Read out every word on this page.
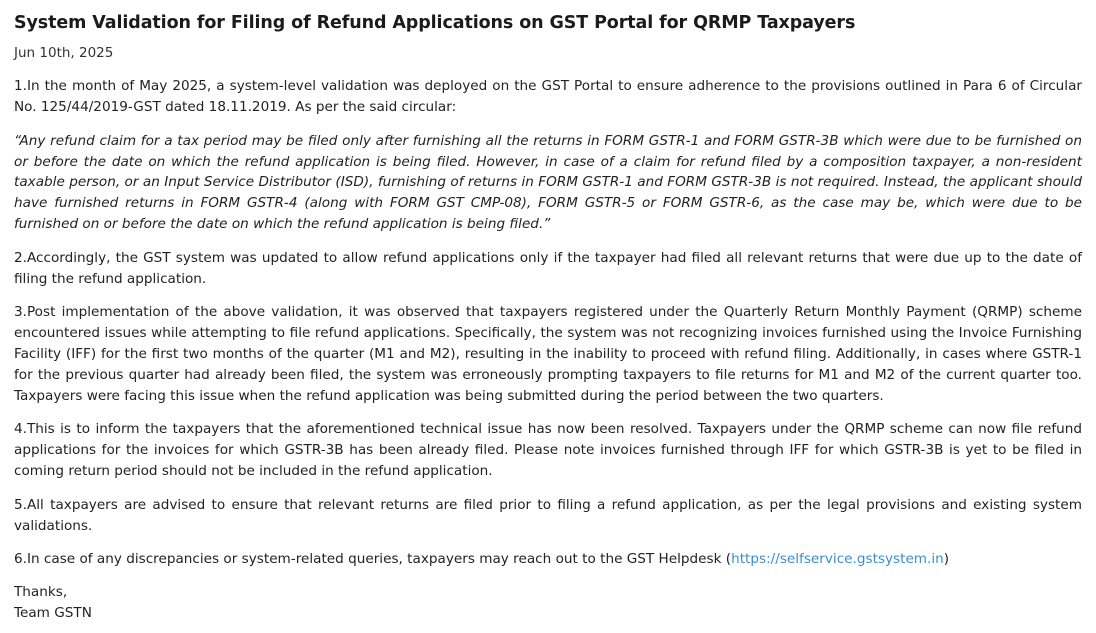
System Validation for Filing of Refund Applications on GST Portal for QRMP Taxpayers
Jun 10th, 2025

1.In the month of May 2025, a system-level validation was deployed on the GST Portal to ensure adherence to the provisions outlined in Para 6 of Circular No. 125/44/2019-GST dated 18.11.2019. As per the said circular:

“Any refund claim for a tax period may be filed only after furnishing all the returns in FORM GSTR-1 and FORM GSTR-3B which were due to be furnished on or before the date on which the refund application is being filed. However, in case of a claim for refund filed by a composition taxpayer, a non-resident taxable person, or an Input Service Distributor (ISD), furnishing of returns in FORM GSTR-1 and FORM GSTR-3B is not required. Instead, the applicant should have furnished returns in FORM GSTR-4 (along with FORM GST CMP-08), FORM GSTR-5 or FORM GSTR-6, as the case may be, which were due to be furnished on or before the date on which the refund application is being filed.”

2.Accordingly, the GST system was updated to allow refund applications only if the taxpayer had filed all relevant returns that were due up to the date of filing the refund application.

3.Post implementation of the above validation, it was observed that taxpayers registered under the Quarterly Return Monthly Payment (QRMP) scheme encountered issues while attempting to file refund applications. Specifically, the system was not recognizing invoices furnished using the Invoice Furnishing Facility (IFF) for the first two months of the quarter (M1 and M2), resulting in the inability to proceed with refund filing. Additionally, in cases where GSTR-1 for the previous quarter had already been filed, the system was erroneously prompting taxpayers to file returns for M1 and M2 of the current quarter too. Taxpayers were facing this issue when the refund application was being submitted during the period between the two quarters.

4.This is to inform the taxpayers that the aforementioned technical issue has now been resolved. Taxpayers under the QRMP scheme can now file refund applications for the invoices for which GSTR-3B has been already filed. Please note invoices furnished through IFF for which GSTR-3B is yet to be filed in coming return period should not be included in the refund application.

5.All taxpayers are advised to ensure that relevant returns are filed prior to filing a refund application, as per the legal provisions and existing system validations.

6.In case of any discrepancies or system-related queries, taxpayers may reach out to the GST Helpdesk (https://selfservice.gstsystem.in)

Thanks,
Team GSTN
